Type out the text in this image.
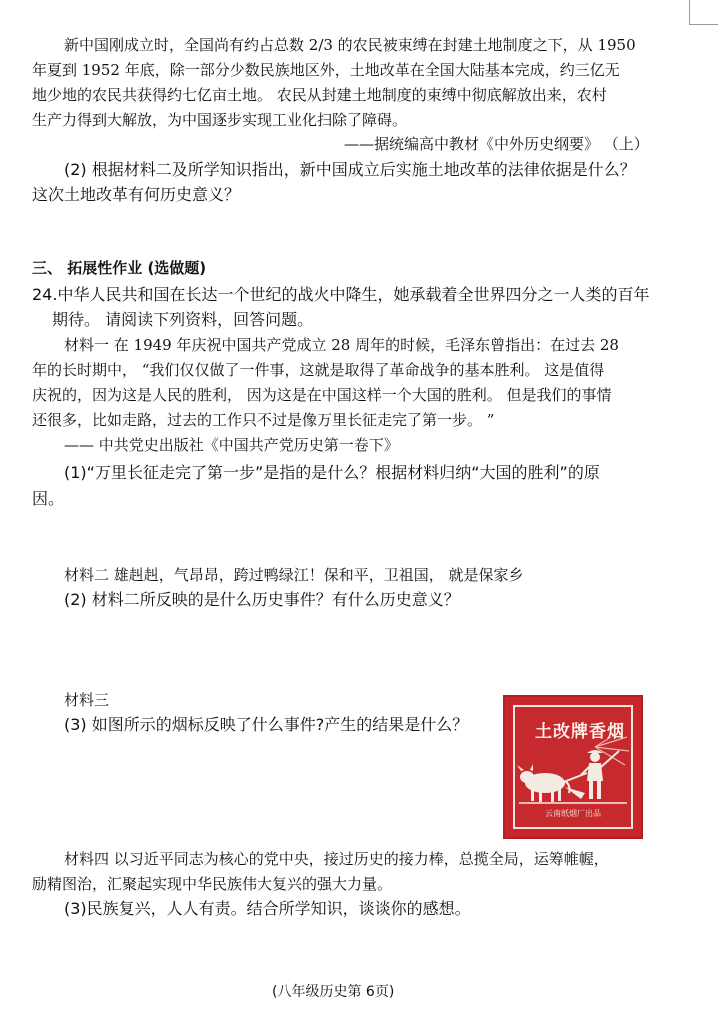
新中国刚成立时，全国尚有约占总数 2/3 的农民被束缚在封建土地制度之下，从 1950
年夏到 1952 年底，除一部分少数民族地区外，土地改革在全国大陆基本完成，约三亿无
地少地的农民共获得约七亿亩土地。 农民从封建土地制度的束缚中彻底解放出来，农村
生产力得到大解放，为中国逐步实现工业化扫除了障碍。
——据统编高中教材《中外历史纲要》 （上）
(2) 根据材料二及所学知识指出，新中国成立后实施土地改革的法律依据是什么？
这次土地改革有何历史意义？
三、 拓展性作业 (选做题)
24.中华人民共和国在长达一个世纪的战火中降生，她承载着全世界四分之一人类的百年
期待。 请阅读下列资料，回答问题。
材料一 在 1949 年庆祝中国共产党成立 28 周年的时候，毛泽东曾指出：在过去 28
年的长时期中， “我们仅仅做了一件事，这就是取得了革命战争的基本胜利。 这是值得
庆祝的，因为这是人民的胜利， 因为这是在中国这样一个大国的胜利。 但是我们的事情
还很多，比如走路，过去的工作只不过是像万里长征走完了第一步。 ”
—— 中共党史出版社《中国共产党历史第一卷下》
(1)“万里长征走完了第一步”是指的是什么？根据材料归纳“大国的胜利”的原
因。
材料二 雄赳赳，气昂昂，跨过鸭绿江！保和平，卫祖国， 就是保家乡
(2) 材料二所反映的是什么历史事件？有什么历史意义？
材料三
(3) 如图所示的烟标反映了什么事件?产生的结果是什么？	土改牌香烟
云南纸烟厂出品
材料四 以习近平同志为核心的党中央，接过历史的接力棒，总揽全局，运筹帷幄，
励精图治，汇聚起实现中华民族伟大复兴的强大力量。
(3)民族复兴，人人有责。结合所学知识，谈谈你的感想。
(八年级历史第 6页)
